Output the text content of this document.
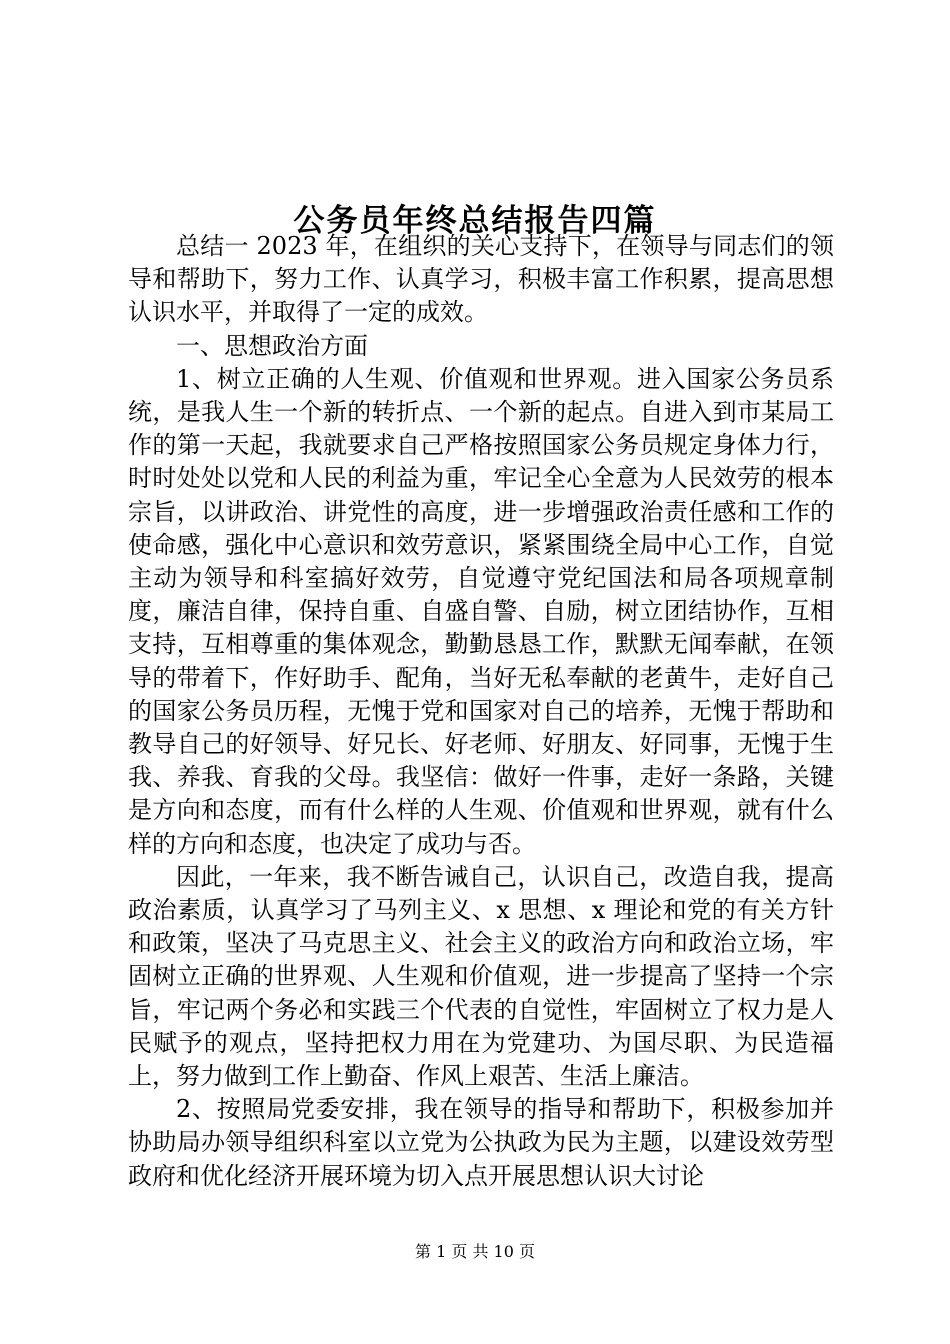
公务员年终总结报告四篇

总结一 2023 年，在组织的关心支持下，在领导与同志们的领导和帮助下，努力工作、认真学习，积极丰富工作积累，提高思想认识水平，并取得了一定的成效。

一、思想政治方面

1、树立正确的人生观、价值观和世界观。进入国家公务员系统，是我人生一个新的转折点、一个新的起点。自进入到市某局工作的第一天起，我就要求自己严格按照国家公务员规定身体力行，时时处处以党和人民的利益为重，牢记全心全意为人民效劳的根本宗旨，以讲政治、讲党性的高度，进一步增强政治责任感和工作的使命感，强化中心意识和效劳意识，紧紧围绕全局中心工作，自觉主动为领导和科室搞好效劳，自觉遵守党纪国法和局各项规章制度，廉洁自律，保持自重、自盛自警、自励，树立团结协作，互相支持，互相尊重的集体观念，勤勤恳恳工作，默默无闻奉献，在领导的带着下，作好助手、配角，当好无私奉献的老黄牛，走好自己的国家公务员历程，无愧于党和国家对自己的培养，无愧于帮助和教导自己的好领导、好兄长、好老师、好朋友、好同事，无愧于生我、养我、育我的父母。我坚信：做好一件事，走好一条路，关键是方向和态度，而有什么样的人生观、价值观和世界观，就有什么样的方向和态度，也决定了成功与否。

因此，一年来，我不断告诫自己，认识自己，改造自我，提高政治素质，认真学习了马列主义、x 思想、x 理论和党的有关方针和政策，坚决了马克思主义、社会主义的政治方向和政治立场，牢固树立正确的世界观、人生观和价值观，进一步提高了坚持一个宗旨，牢记两个务必和实践三个代表的自觉性，牢固树立了权力是人民赋予的观点，坚持把权力用在为党建功、为国尽职、为民造福上，努力做到工作上勤奋、作风上艰苦、生活上廉洁。

2、按照局党委安排，我在领导的指导和帮助下，积极参加并协助局办领导组织科室以立党为公执政为民为主题，以建设效劳型政府和优化经济开展环境为切入点开展思想认识大讨论

第 1 页 共 10 页
